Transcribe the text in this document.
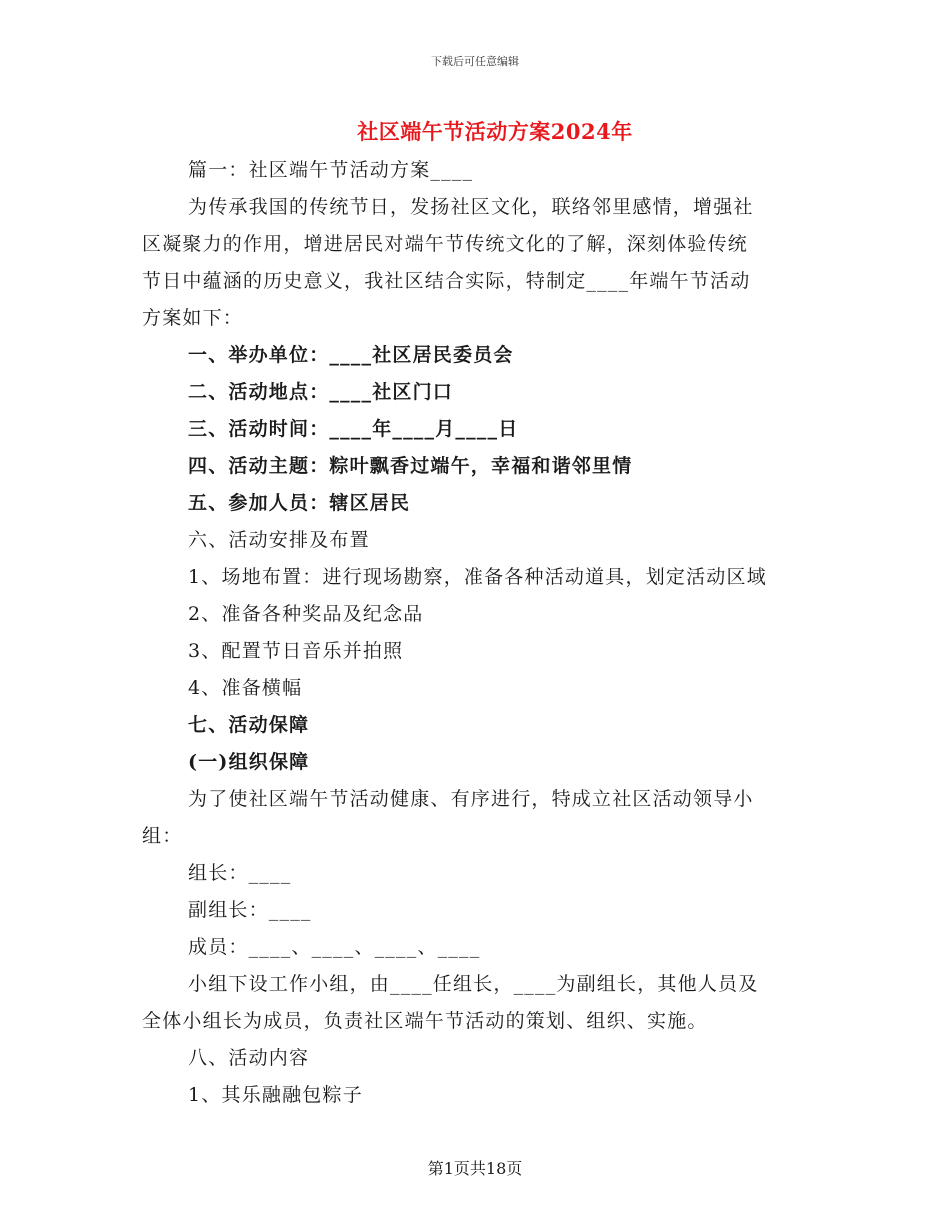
下载后可任意编辑
社区端午节活动方案2024年
篇一：社区端午节活动方案____
为传承我国的传统节日，发扬社区文化，联络邻里感情，增强社
区凝聚力的作用，增进居民对端午节传统文化的了解，深刻体验传统
节日中蕴涵的历史意义，我社区结合实际，特制定____年端午节活动
方案如下：
一、举办单位：____社区居民委员会
二、活动地点：____社区门口
三、活动时间：____年____月____日
四、活动主题：粽叶飘香过端午，幸福和谐邻里情
五、参加人员：辖区居民
六、活动安排及布置
1、场地布置：进行现场勘察，准备各种活动道具，划定活动区域
2、准备各种奖品及纪念品
3、配置节日音乐并拍照
4、准备横幅
七、活动保障
(一)组织保障
为了使社区端午节活动健康、有序进行，特成立社区活动领导小
组：
组长：____
副组长：____
成员：____、____、____、____
小组下设工作小组，由____任组长，____为副组长，其他人员及
全体小组长为成员，负责社区端午节活动的策划、组织、实施。
八、活动内容
1、其乐融融包粽子
第1页共18页
